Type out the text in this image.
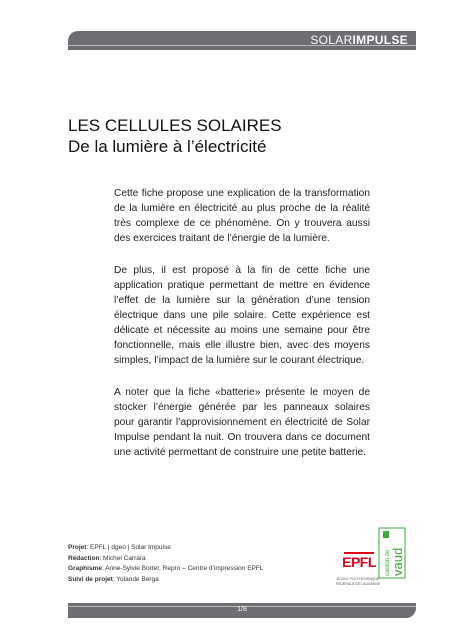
SOLARIMPULSE
LES CELLULES SOLAIRES
De la lumière à l’électricité

Cette fiche propose une explication de la transformation de la lumière en électricité au plus proche de la réalité très complexe de ce phénomène. On y trouvera aussi des exercices traitant de l’énergie de la lumière.

De plus, il est proposé à la fin de cette fiche une application pratique permettant de mettre en évidence l’effet de la lumière sur la génération d’une tension électrique dans une pile solaire. Cette expérience est délicate et nécessite au moins une semaine pour être fonctionnelle, mais elle illustre bien, avec des moyens simples, l’impact de la lumière sur le courant électrique.

A noter que la fiche «batterie» présente le moyen de stocker l’énergie générée par les panneaux solaires pour garantir l’approvisionnement en électricité de Solar Impulse pendant la nuit. On trouvera dans ce document une activité permettant de construire une petite batterie.

Projet: EPFL | dgeo | Solar Impulse
Rédaction: Michel Carrara
Graphisme: Anne-Sylvie Borter, Repro – Centre d’impression EPFL
Suivi de projet: Yolande Berga
EPFL
ÉCOLE POLYTECHNIQUE
FÉDÉRALE DE LAUSANNE
canton de vaud
1/8
